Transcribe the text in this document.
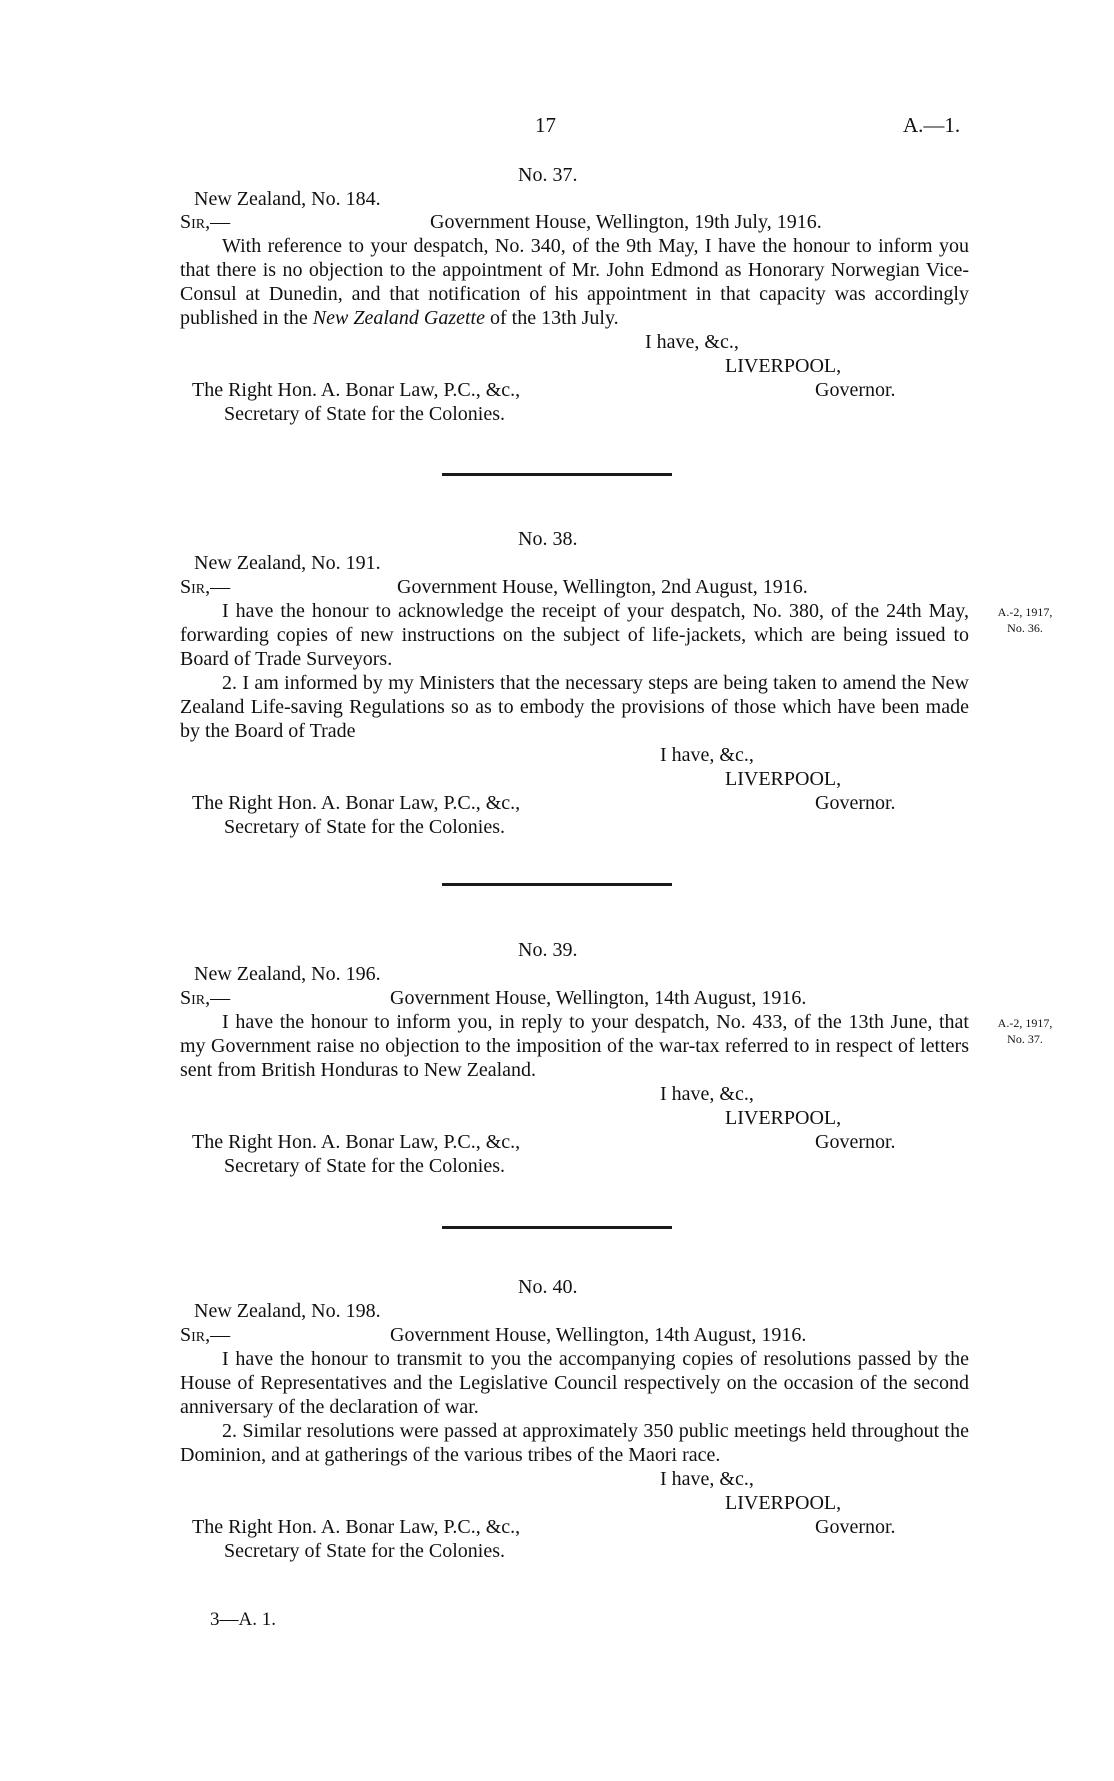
17	A.—1.
No. 37.
New Zealand, No. 184.
Sir,—	Government House, Wellington, 19th July, 1916.
With reference to your despatch, No. 340, of the 9th May, I have the honour to inform you that there is no objection to the appointment of Mr. John Edmond as Honorary Norwegian Vice-Consul at Dunedin, and that notification of his appointment in that capacity was accordingly published in the New Zealand Gazette of the 13th July.
I have, &c.,
LIVERPOOL,
The Right Hon. A. Bonar Law, P.C., &c.,	Governor.
Secretary of State for the Colonies.
No. 38.
New Zealand, No. 191.
Sir,—	Government House, Wellington, 2nd August, 1916.
I have the honour to acknowledge the receipt of your despatch, No. 380, of the 24th May, forwarding copies of new instructions on the subject of life-jackets, which are being issued to Board of Trade Surveyors.
A.-2, 1917,
No. 36.
2. I am informed by my Ministers that the necessary steps are being taken to amend the New Zealand Life-saving Regulations so as to embody the provisions of those which have been made by the Board of Trade
I have, &c.,
LIVERPOOL,
The Right Hon. A. Bonar Law, P.C., &c.,	Governor.
Secretary of State for the Colonies.
No. 39.
New Zealand, No. 196.
Sir,—	Government House, Wellington, 14th August, 1916.
I have the honour to inform you, in reply to your despatch, No. 433, of the 13th June, that my Government raise no objection to the imposition of the war-tax referred to in respect of letters sent from British Honduras to New Zealand.
A.-2, 1917,
No. 37.
I have, &c.,
LIVERPOOL,
The Right Hon. A. Bonar Law, P.C., &c.,	Governor.
Secretary of State for the Colonies.
No. 40.
New Zealand, No. 198.
Sir,—	Government House, Wellington, 14th August, 1916.
I have the honour to transmit to you the accompanying copies of resolutions passed by the House of Representatives and the Legislative Council respectively on the occasion of the second anniversary of the declaration of war.
2. Similar resolutions were passed at approximately 350 public meetings held throughout the Dominion, and at gatherings of the various tribes of the Maori race.
I have, &c.,
LIVERPOOL,
The Right Hon. A. Bonar Law, P.C., &c.,	Governor.
Secretary of State for the Colonies.
3—A. 1.
